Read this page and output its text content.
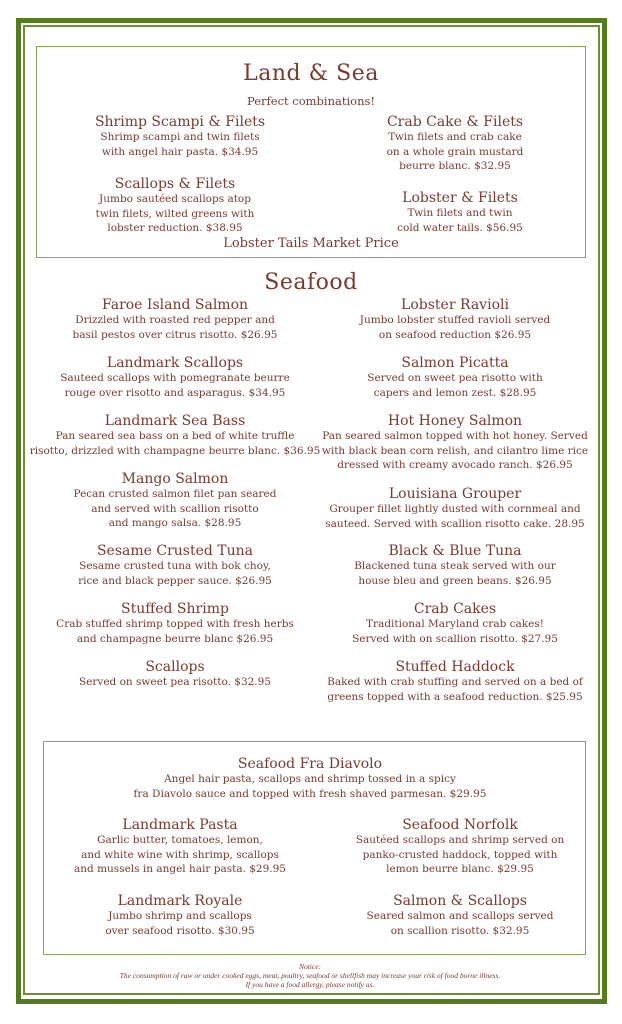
Land & Sea
Perfect combinations!
Shrimp Scampi & Filets
Shrimp scampi and twin filets
with angel hair pasta. $34.95
Crab Cake & Filets
Twin filets and crab cake
on a whole grain mustard
beurre blanc. $32.95
Scallops & Filets
Jumbo sautéed scallops atop
twin filets, wilted greens with
lobster reduction. $38.95
Lobster & Filets
Twin filets and twin
cold water tails. $56.95
Lobster Tails Market Price
Seafood
Faroe Island Salmon
Drizzled with roasted red pepper and
basil pestos over citrus risotto. $26.95
Landmark Scallops
Sauteed scallops with pomegranate beurre
rouge over risotto and asparagus. $34.95
Landmark Sea Bass
Pan seared sea bass on a bed of white truffle
risotto, drizzled with champagne beurre blanc. $36.95
Mango Salmon
Pecan crusted salmon filet pan seared
and served with scallion risotto
and mango salsa. $28.95
Sesame Crusted Tuna
Sesame crusted tuna with bok choy,
rice and black pepper sauce. $26.95
Stuffed Shrimp
Crab stuffed shrimp topped with fresh herbs
and champagne beurre blanc $26.95
Scallops
Served on sweet pea risotto. $32.95
Lobster Ravioli
Jumbo lobster stuffed ravioli served
on seafood reduction $26.95
Salmon Picatta
Served on sweet pea risotto with
capers and lemon zest. $28.95
Hot Honey Salmon
Pan seared salmon topped with hot honey. Served
with black bean corn relish, and cilantro lime rice
dressed with creamy avocado ranch. $26.95
Louisiana Grouper
Grouper fillet lightly dusted with cornmeal and
sauteed. Served with scallion risotto cake. 28.95
Black & Blue Tuna
Blackened tuna steak served with our
house bleu and green beans. $26.95
Crab Cakes
Traditional Maryland crab cakes!
Served with on scallion risotto. $27.95
Stuffed Haddock
Baked with crab stuffing and served on a bed of
greens topped with a seafood reduction. $25.95
Seafood Fra Diavolo
Angel hair pasta, scallops and shrimp tossed in a spicy
fra Diavolo sauce and topped with fresh shaved parmesan. $29.95
Landmark Pasta
Garlic butter, tomatoes, lemon,
and white wine with shrimp, scallops
and mussels in angel hair pasta. $29.95
Seafood Norfolk
Sautéed scallops and shrimp served on
panko-crusted haddock, topped with
lemon beurre blanc. $29.95
Landmark Royale
Jumbo shrimp and scallops
over seafood risotto. $30.95
Salmon & Scallops
Seared salmon and scallops served
on scallion risotto. $32.95
Notice:
The consumption of raw or under cooked eggs, meat, poultry, seafood or shellfish may increase your risk of food borne illness.
If you have a food allergy, please notify us.
